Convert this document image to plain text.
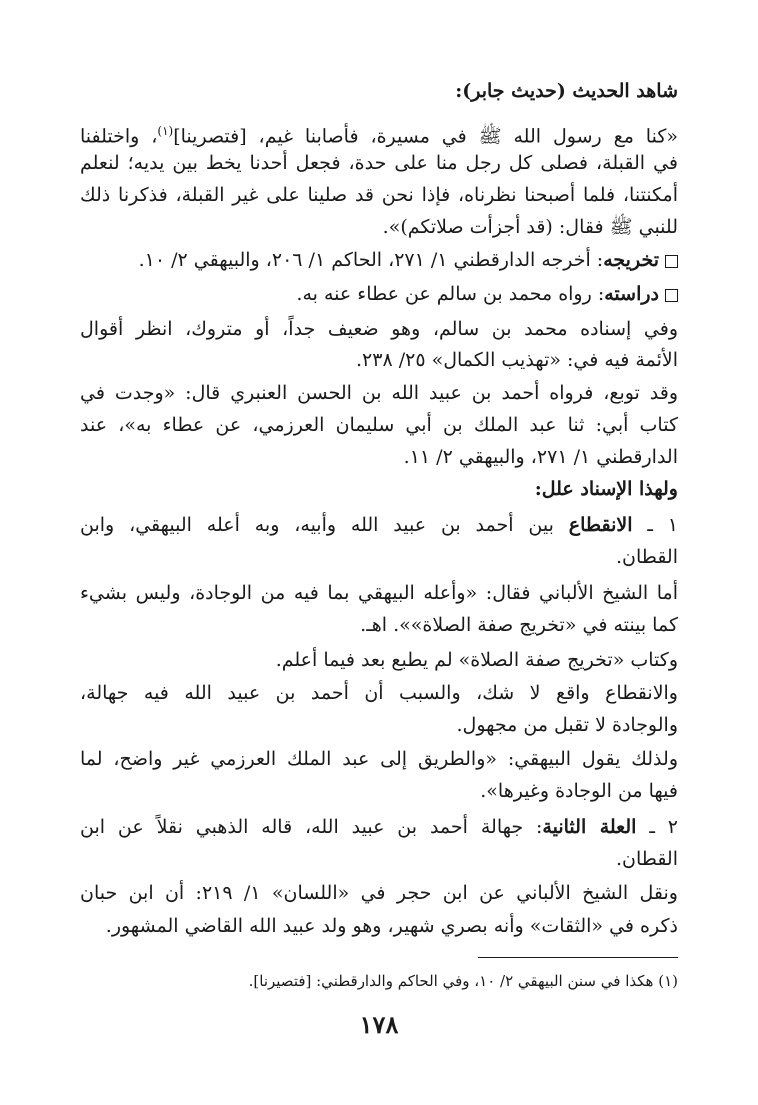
شاهد الحديث (حديث جابر):
«كنا مع رسول الله ﷺ في مسيرة، فأصابنا غيم، [فتصرينا]$^{(١)}$، واختلفنا
في القبلة، فصلى كل رجل منا على حدة، فجعل أحدنا يخط بين يديه؛ لنعلم
أمكنتنا، فلما أصبحنا نظرناه، فإذا نحن قد صلينا على غير القبلة، فذكرنا ذلك
للنبي ﷺ فقال: (قد أجزأت صلاتكم)».
تخريجه: أخرجه الدارقطني ١/ ٢٧١، الحاكم ١/ ٢٠٦، والبيهقي ٢/ ١٠.
دراسته: رواه محمد بن سالم عن عطاء عنه به.
وفي إسناده محمد بن سالم، وهو ضعيف جداً، أو متروك، انظر أقوال
الأئمة فيه في: «تهذيب الكمال» ٢٥/ ٢٣٨.
وقد توبع، فرواه أحمد بن عبيد الله بن الحسن العنبري قال: «وجدت في
كتاب أبي: ثنا عبد الملك بن أبي سليمان العرزمي، عن عطاء به»، عند
الدارقطني ١/ ٢٧١، والبيهقي ٢/ ١١.
ولهذا الإسناد علل:
١ ـ الانقطاع بين أحمد بن عبيد الله وأبيه، وبه أعله البيهقي، وابن
القطان.
أما الشيخ الألباني فقال: «وأعله البيهقي بما فيه من الوجادة، وليس بشيء
كما بينته في «تخريج صفة الصلاة»». اهـ.
وكتاب «تخريج صفة الصلاة» لم يطبع بعد فيما أعلم.
والانقطاع واقع لا شك، والسبب أن أحمد بن عبيد الله فيه جهالة،
والوجادة لا تقبل من مجهول.
ولذلك يقول البيهقي: «والطريق إلى عبد الملك العرزمي غير واضح، لما
فيها من الوجادة وغيرها».
٢ ـ العلة الثانية: جهالة أحمد بن عبيد الله، قاله الذهبي نقلاً عن ابن
القطان.
ونقل الشيخ الألباني عن ابن حجر في «اللسان» ١/ ٢١٩: أن ابن حبان
ذكره في «الثقات» وأنه بصري شهير، وهو ولد عبيد الله القاضي المشهور.
(١) هكذا في سنن البيهقي ٢/ ١٠، وفي الحاكم والدارقطني: [فتصيرنا].
١٧٨
